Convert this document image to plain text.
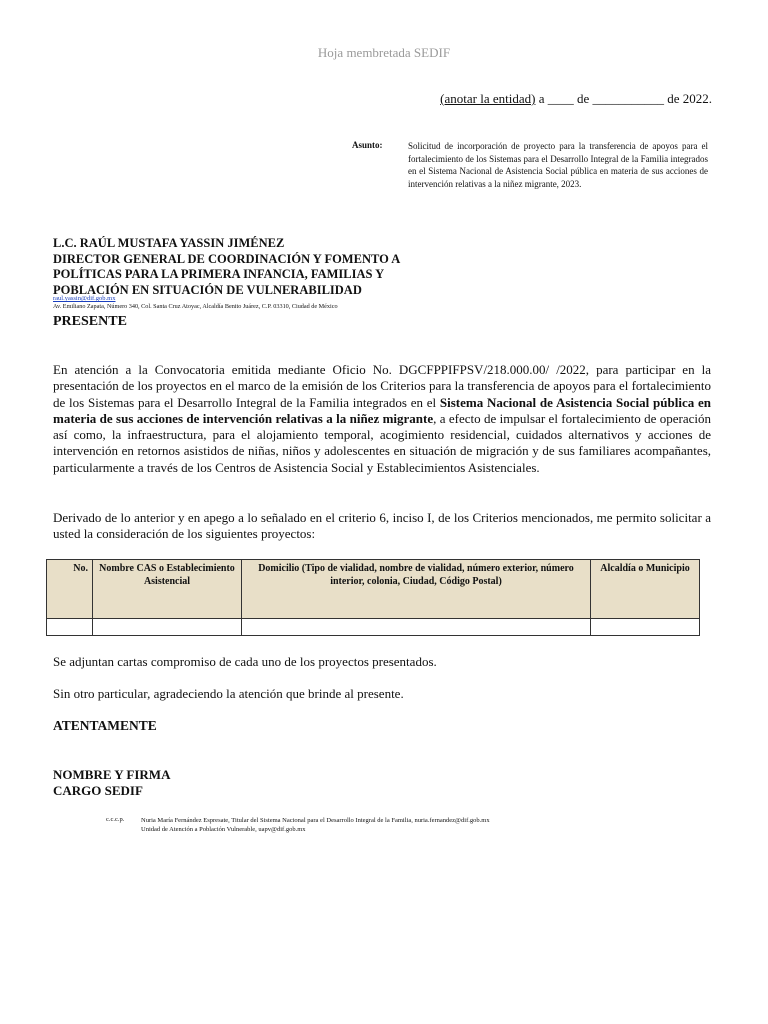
Hoja membretada SEDIF
(anotar la entidad) a ____ de ___________ de 2022.
Asunto:	Solicitud de incorporación de proyecto para la transferencia de apoyos para el fortalecimiento de los Sistemas para el Desarrollo Integral de la Familia integrados en el Sistema Nacional de Asistencia Social pública en materia de sus acciones de intervención relativas a la niñez migrante, 2023.
L.C. RAÚL MUSTAFA YASSIN JIMÉNEZ
DIRECTOR GENERAL DE COORDINACIÓN Y FOMENTO A POLÍTICAS PARA LA PRIMERA INFANCIA, FAMILIAS Y POBLACIÓN EN SITUACIÓN DE VULNERABILIDAD
raul.yassin@dif.gob.mx
Av. Emiliano Zapata, Número 340, Col. Santa Cruz Atoyac, Alcaldía Benito Juárez, C.P. 03310, Ciudad de México
PRESENTE
En atención a la Convocatoria emitida mediante Oficio No. DGCFPPIFPSV/218.000.00/ /2022, para participar en la presentación de los proyectos en el marco de la emisión de los Criterios para la transferencia de apoyos para el fortalecimiento de los Sistemas para el Desarrollo Integral de la Familia integrados en el Sistema Nacional de Asistencia Social pública en materia de sus acciones de intervención relativas a la niñez migrante, a efecto de impulsar el fortalecimiento de operación así como, la infraestructura, para el alojamiento temporal, acogimiento residencial, cuidados alternativos y acciones de intervención en retornos asistidos de niñas, niños y adolescentes en situación de migración y de sus familiares acompañantes, particularmente a través de los Centros de Asistencia Social y Establecimientos Asistenciales.
Derivado de lo anterior y en apego a lo señalado en el criterio 6, inciso I, de los Criterios mencionados, me permito solicitar a usted la consideración de los siguientes proyectos:
No.	Nombre CAS o Establecimiento Asistencial	Domicilio (Tipo de vialidad, nombre de vialidad, número exterior, número interior, colonia, Ciudad, Código Postal)	Alcaldía o Municipio

Se adjuntan cartas compromiso de cada uno de los proyectos presentados.
Sin otro particular, agradeciendo la atención que brinde al presente.
ATENTAMENTE
NOMBRE Y FIRMA
CARGO SEDIF
c.c.c.p.	Nuria María Fernández Espresate, Titular del Sistema Nacional para el Desarrollo Integral de la Familia, nuria.fernandez@dif.gob.mx
Unidad de Atención a Población Vulnerable, uapv@dif.gob.mx
